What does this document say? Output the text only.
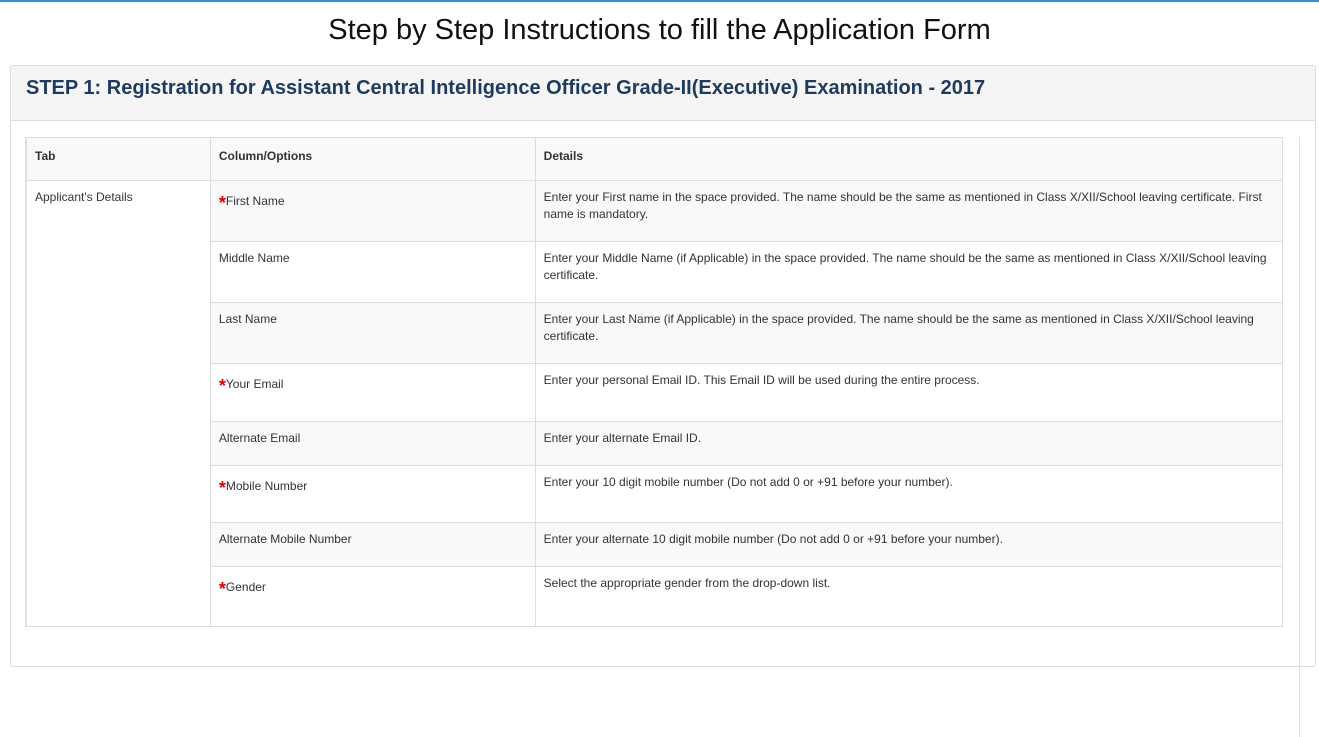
Step by Step Instructions to fill the Application Form
STEP 1: Registration for Assistant Central Intelligence Officer Grade-II(Executive) Examination - 2017
Tab	Column/Options	Details
Applicant's Details	*First Name	Enter your First name in the space provided. The name should be the same as mentioned in Class X/XII/School leaving certificate. First name is mandatory.
	Middle Name	Enter your Middle Name (if Applicable) in the space provided. The name should be the same as mentioned in Class X/XII/School leaving certificate.
	Last Name	Enter your Last Name (if Applicable) in the space provided. The name should be the same as mentioned in Class X/XII/School leaving certificate.
	*Your Email	Enter your personal Email ID. This Email ID will be used during the entire process.
	Alternate Email	Enter your alternate Email ID.
	*Mobile Number	Enter your 10 digit mobile number (Do not add 0 or +91 before your number).
	Alternate Mobile Number	Enter your alternate 10 digit mobile number (Do not add 0 or +91 before your number).
	*Gender	Select the appropriate gender from the drop-down list.
